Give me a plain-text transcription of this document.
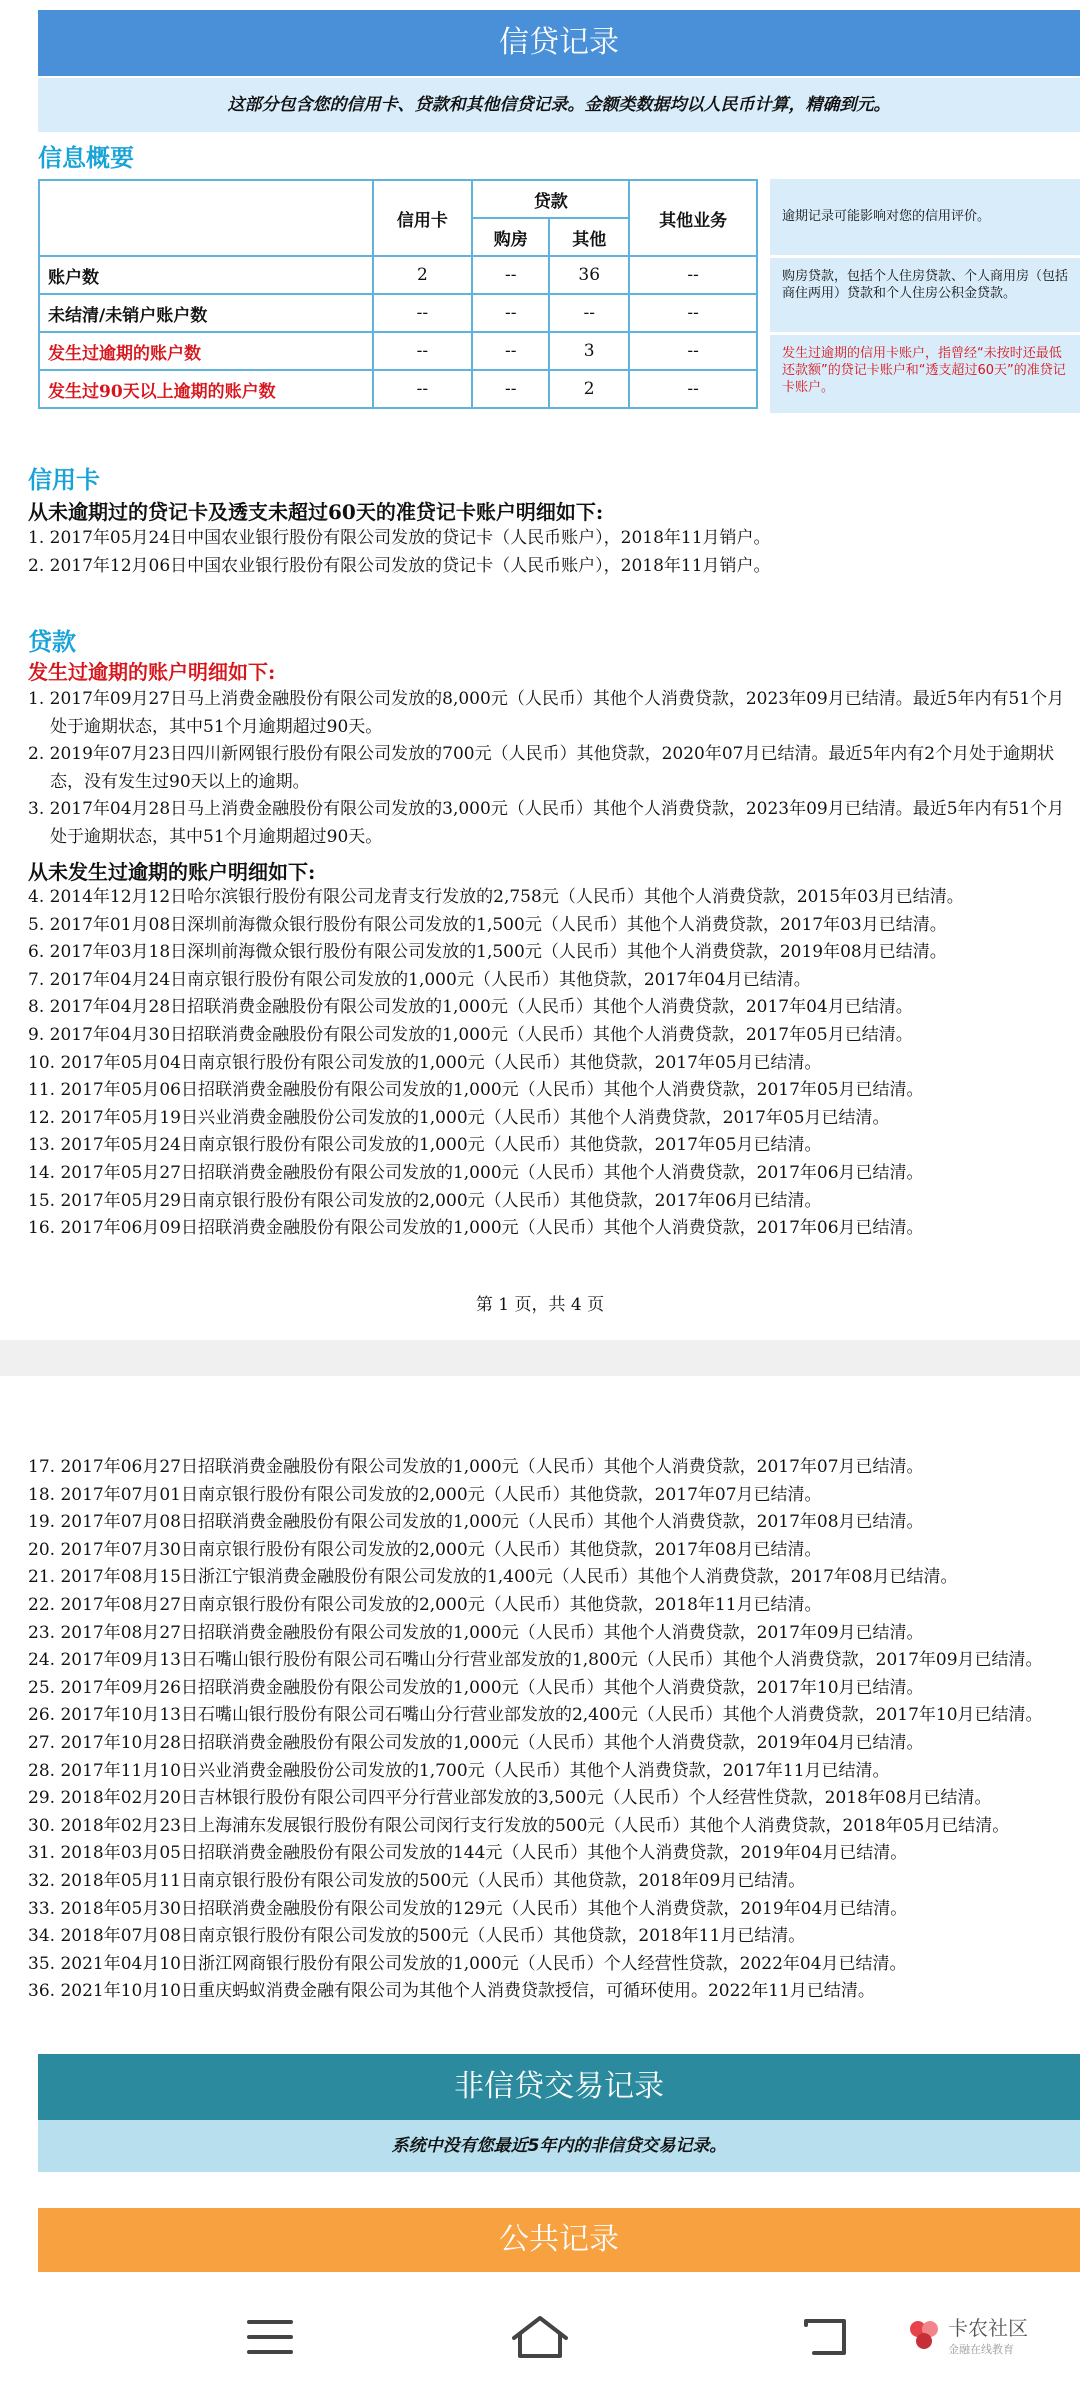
信贷记录
这部分包含您的信用卡、贷款和其他信贷记录。金额类数据均以人民币计算，精确到元。
信息概要
	信用卡	贷款		其他业务
		购房	其他	
账户数	2	--	36	--
未结清/未销户账户数	--	--	--	--
发生过逾期的账户数	--	--	3	--
发生过90天以上逾期的账户数	--	--	2	--
逾期记录可能影响对您的信用评价。
购房贷款，包括个人住房贷款、个人商用房（包括商住两用）贷款和个人住房公积金贷款。
发生过逾期的信用卡账户，指曾经“未按时还最低还款额”的贷记卡账户和“透支超过60天”的准贷记卡账户。
信用卡
从未逾期过的贷记卡及透支未超过60天的准贷记卡账户明细如下:
1. 2017年05月24日中国农业银行股份有限公司发放的贷记卡（人民币账户），2018年11月销户。
2. 2017年12月06日中国农业银行股份有限公司发放的贷记卡（人民币账户），2018年11月销户。
贷款
发生过逾期的账户明细如下:
1. 2017年09月27日马上消费金融股份有限公司发放的8,000元（人民币）其他个人消费贷款，2023年09月已结清。最近5年内有51个月处于逾期状态，其中51个月逾期超过90天。
2. 2019年07月23日四川新网银行股份有限公司发放的700元（人民币）其他贷款，2020年07月已结清。最近5年内有2个月处于逾期状态，没有发生过90天以上的逾期。
3. 2017年04月28日马上消费金融股份有限公司发放的3,000元（人民币）其他个人消费贷款，2023年09月已结清。最近5年内有51个月处于逾期状态，其中51个月逾期超过90天。
从未发生过逾期的账户明细如下:
4. 2014年12月12日哈尔滨银行股份有限公司龙青支行发放的2,758元（人民币）其他个人消费贷款，2015年03月已结清。
5. 2017年01月08日深圳前海微众银行股份有限公司发放的1,500元（人民币）其他个人消费贷款，2017年03月已结清。
6. 2017年03月18日深圳前海微众银行股份有限公司发放的1,500元（人民币）其他个人消费贷款，2019年08月已结清。
7. 2017年04月24日南京银行股份有限公司发放的1,000元（人民币）其他贷款，2017年04月已结清。
8. 2017年04月28日招联消费金融股份有限公司发放的1,000元（人民币）其他个人消费贷款，2017年04月已结清。
9. 2017年04月30日招联消费金融股份有限公司发放的1,000元（人民币）其他个人消费贷款，2017年05月已结清。
10. 2017年05月04日南京银行股份有限公司发放的1,000元（人民币）其他贷款，2017年05月已结清。
11. 2017年05月06日招联消费金融股份有限公司发放的1,000元（人民币）其他个人消费贷款，2017年05月已结清。
12. 2017年05月19日兴业消费金融股份公司发放的1,000元（人民币）其他个人消费贷款，2017年05月已结清。
13. 2017年05月24日南京银行股份有限公司发放的1,000元（人民币）其他贷款，2017年05月已结清。
14. 2017年05月27日招联消费金融股份有限公司发放的1,000元（人民币）其他个人消费贷款，2017年06月已结清。
15. 2017年05月29日南京银行股份有限公司发放的2,000元（人民币）其他贷款，2017年06月已结清。
16. 2017年06月09日招联消费金融股份有限公司发放的1,000元（人民币）其他个人消费贷款，2017年06月已结清。
第 1 页，共 4 页
17. 2017年06月27日招联消费金融股份有限公司发放的1,000元（人民币）其他个人消费贷款，2017年07月已结清。
18. 2017年07月01日南京银行股份有限公司发放的2,000元（人民币）其他贷款，2017年07月已结清。
19. 2017年07月08日招联消费金融股份有限公司发放的1,000元（人民币）其他个人消费贷款，2017年08月已结清。
20. 2017年07月30日南京银行股份有限公司发放的2,000元（人民币）其他贷款，2017年08月已结清。
21. 2017年08月15日浙江宁银消费金融股份有限公司发放的1,400元（人民币）其他个人消费贷款，2017年08月已结清。
22. 2017年08月27日南京银行股份有限公司发放的2,000元（人民币）其他贷款，2018年11月已结清。
23. 2017年08月27日招联消费金融股份有限公司发放的1,000元（人民币）其他个人消费贷款，2017年09月已结清。
24. 2017年09月13日石嘴山银行股份有限公司石嘴山分行营业部发放的1,800元（人民币）其他个人消费贷款，2017年09月已结清。
25. 2017年09月26日招联消费金融股份有限公司发放的1,000元（人民币）其他个人消费贷款，2017年10月已结清。
26. 2017年10月13日石嘴山银行股份有限公司石嘴山分行营业部发放的2,400元（人民币）其他个人消费贷款，2017年10月已结清。
27. 2017年10月28日招联消费金融股份有限公司发放的1,000元（人民币）其他个人消费贷款，2019年04月已结清。
28. 2017年11月10日兴业消费金融股份公司发放的1,700元（人民币）其他个人消费贷款，2017年11月已结清。
29. 2018年02月20日吉林银行股份有限公司四平分行营业部发放的3,500元（人民币）个人经营性贷款，2018年08月已结清。
30. 2018年02月23日上海浦东发展银行股份有限公司闵行支行发放的500元（人民币）其他个人消费贷款，2018年05月已结清。
31. 2018年03月05日招联消费金融股份有限公司发放的144元（人民币）其他个人消费贷款，2019年04月已结清。
32. 2018年05月11日南京银行股份有限公司发放的500元（人民币）其他贷款，2018年09月已结清。
33. 2018年05月30日招联消费金融股份有限公司发放的129元（人民币）其他个人消费贷款，2019年04月已结清。
34. 2018年07月08日南京银行股份有限公司发放的500元（人民币）其他贷款，2018年11月已结清。
35. 2021年04月10日浙江网商银行股份有限公司发放的1,000元（人民币）个人经营性贷款，2022年04月已结清。
36. 2021年10月10日重庆蚂蚁消费金融有限公司为其他个人消费贷款授信，可循环使用。2022年11月已结清。
非信贷交易记录
系统中没有您最近5年内的非信贷交易记录。
公共记录
卡农社区
金融在线教育
